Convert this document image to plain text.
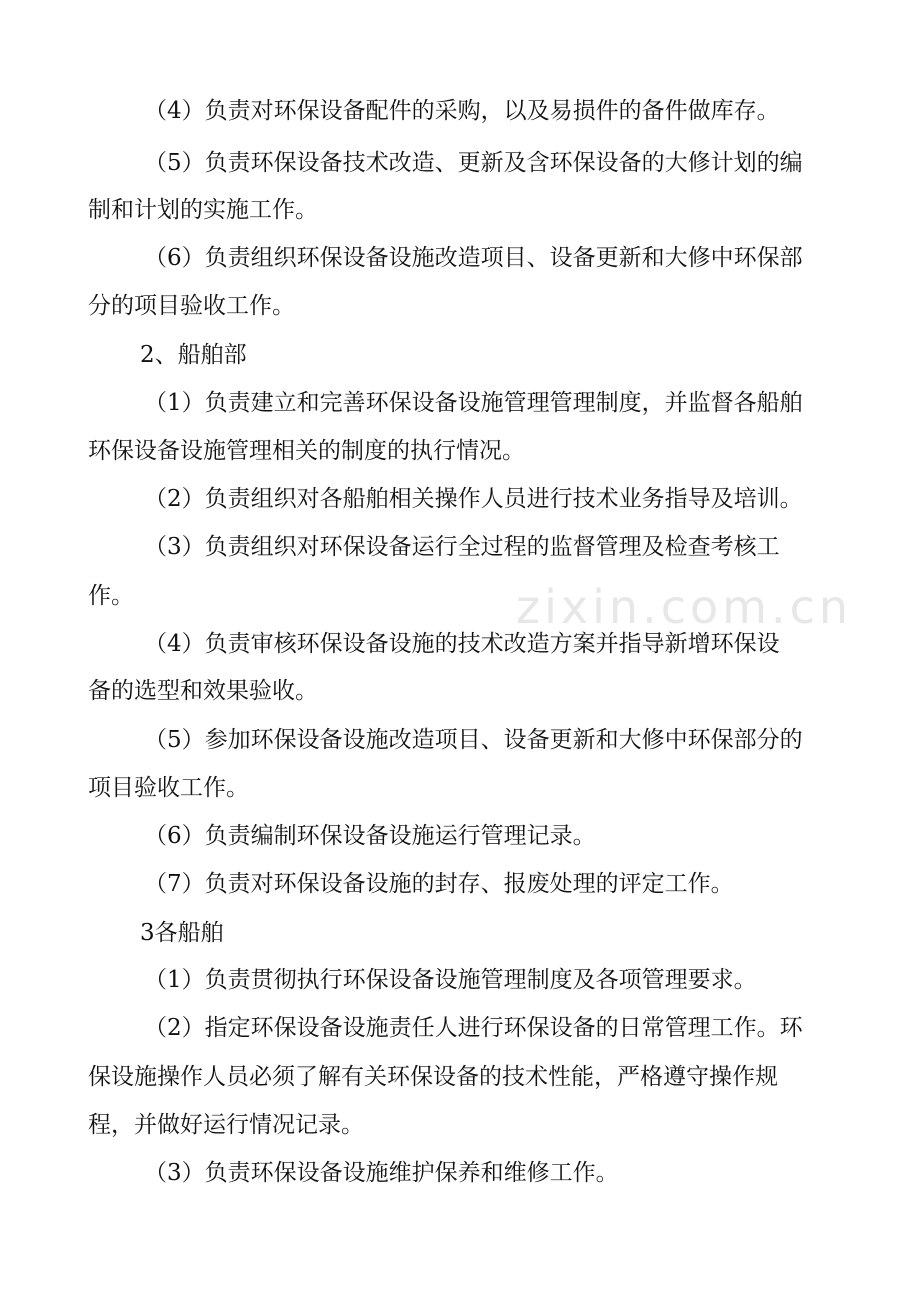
zixin.com.cn
（4）负责对环保设备配件的采购，以及易损件的备件做库存。
（5）负责环保设备技术改造、更新及含环保设备的大修计划的编
制和计划的实施工作。
（6）负责组织环保设备设施改造项目、设备更新和大修中环保部
分的项目验收工作。
2、船舶部
（1）负责建立和完善环保设备设施管理管理制度，并监督各船舶
环保设备设施管理相关的制度的执行情况。
（2）负责组织对各船舶相关操作人员进行技术业务指导及培训。
（3）负责组织对环保设备运行全过程的监督管理及检查考核工
作。
（4）负责审核环保设备设施的技术改造方案并指导新增环保设
备的选型和效果验收。
（5）参加环保设备设施改造项目、设备更新和大修中环保部分的
项目验收工作。
（6）负责编制环保设备设施运行管理记录。
（7）负责对环保设备设施的封存、报废处理的评定工作。
3各船舶
（1）负责贯彻执行环保设备设施管理制度及各项管理要求。
（2）指定环保设备设施责任人进行环保设备的日常管理工作。环
保设施操作人员必须了解有关环保设备的技术性能，严格遵守操作规
程，并做好运行情况记录。
（3）负责环保设备设施维护保养和维修工作。
